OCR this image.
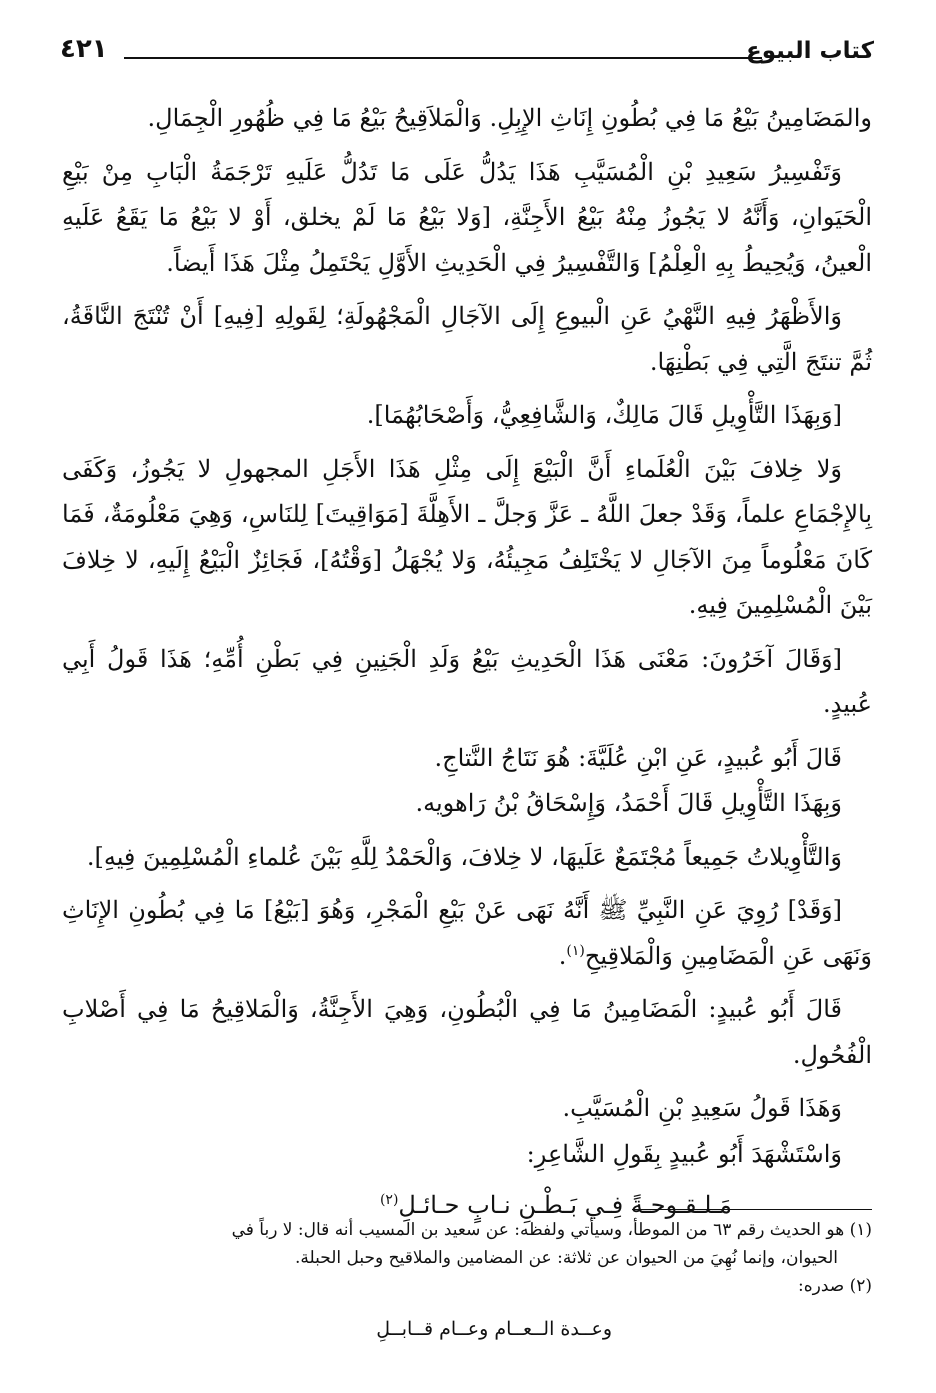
كتاب البيوع
٤٢١

والمَضَامِينُ بَيْعُ مَا فِي بُطُونِ إِنَاثِ الإِبِلِ. وَالْمَلاَقِيحُ بَيْعُ مَا فِي ظُهُورِ الْجِمَالِ.

وَتَفْسِيرُ سَعِيدِ بْنِ الْمُسَيَّبِ هَذَا يَدُلُّ عَلَى مَا تَدُلُّ عَلَيهِ تَرْجَمَةُ الْبَابِ مِنْ بَيْعِ الْحَيَوانِ، وَأَنَّهُ لا يَجُوزُ مِنْهُ بَيْعُ الأَجِنَّةِ، [وَلا بَيْعُ مَا لَمْ يخلق، أَوْ لا بَيْعُ مَا يَقَعُ عَلَيهِ الْعينُ، وَيُحِيطُ بِهِ الْعِلْمُ] وَالتَّفْسِيرُ فِي الْحَدِيثِ الأَوَّلِ يَحْتَمِلُ مِثْلَ هَذَا أَيضاً.

وَالأَظْهَرُ فِيهِ النَّهْيُ عَنِ الْبيوعِ إِلَى الآجَالِ الْمَجْهُولَةِ؛ لِقَولِهِ [فِيهِ] أَنْ تُنْتَجَ النَّاقَةُ، ثُمَّ تنتَجَ الَّتِي فِي بَطْنِهَا.

[وَبِهَذَا التَّأْوِيلِ قَالَ مَالِكٌ، وَالشَّافِعِيُّ، وَأَصْحَابُهُمَا].

وَلا خِلافَ بَيْنَ الْعُلَماءِ أَنَّ الْبَيْعَ إِلَى مِثْلِ هَذَا الأَجَلِ المجهولِ لا يَجُوزُ، وَكَفَى بِالإِجْمَاعِ علماً، وَقَدْ جعلَ اللَّهُ ـ عَزَّ وَجلَّ ـ الأَهِلَّةَ [مَوَاقِيتَ] لِلنَاسِ، وَهِيَ مَعْلُومَةٌ، فَمَا كَانَ مَعْلُوماً مِنَ الآجَالِ لا يَخْتَلِفُ مَجِيئُهُ، وَلا يُجْهَلُ [وَقْتُهُ]، فَجَائِزٌ الْبَيْعُ إِلَيهِ، لا خِلافَ بَيْنَ الْمُسْلِمِينَ فِيهِ.

[وَقَالَ آخَرُونَ: مَعْنَى هَذَا الْحَدِيثِ بَيْعُ وَلَدِ الْجَنِينِ فِي بَطْنِ أُمِّهِ؛ هَذَا قَولُ أَبِي عُبيدٍ.

قَالَ أَبُو عُبيدٍ، عَنِ ابْنِ عُلَيَّةَ: هُوَ نَتَاجُ النَّتاجِ.

وَبِهَذَا التَّأْوِيلِ قَالَ أَحْمَدُ، وَإِسْحَاقُ بْنُ رَاهويه.

وَالتَّأْوِيلاتُ جَمِيعاً مُجْتَمَعٌ عَلَيهَا، لا خِلافَ، وَالْحَمْدُ لِلَّهِ بَيْنَ عُلماءِ الْمُسْلِمِينَ فِيهِ].

[وَقَدْ] رُوِيَ عَنِ النَّبِيِّ ﷺ أَنَّهُ نَهَى عَنْ بَيْعِ الْمَجْرِ، وَهُوَ [بَيْعُ] مَا فِي بُطُونِ الإِنَاثِ وَنَهَى عَنِ الْمَضَامِينِ وَالْمَلاقِيحِ$^{(١)}$.

قَالَ أَبُو عُبيدٍ: الْمَضَامِينُ مَا فِي الْبُطُونِ، وَهِيَ الأَجِنَّةُ، وَالْمَلاقِيحُ مَا فِي أَصْلابِ الْفُحُولِ.

وَهَذَا قَولُ سَعِيدِ بْنِ الْمُسَيَّبِ.

وَاسْتَشْهَدَ أَبُو عُبيدٍ بِقَولِ الشَّاعِرِ:

مَـلـقـوحـةً فِـي بَـطْـنِ نـابٍ حـائـلِ$^{(٢)}$

(١) هو الحديث رقم ٦٣ من الموطأ، وسيأتي ولفظه: عن سعيد بن المسيب أنه قال: لا رباً في

الحيوان، وإنما نُهِيَ من الحيوان عن ثلاثة: عن المضامين والملاقيح وحبل الحبلة.

(٢) صدره:

وعــدة الــعــام وعــام قــابــلِ
